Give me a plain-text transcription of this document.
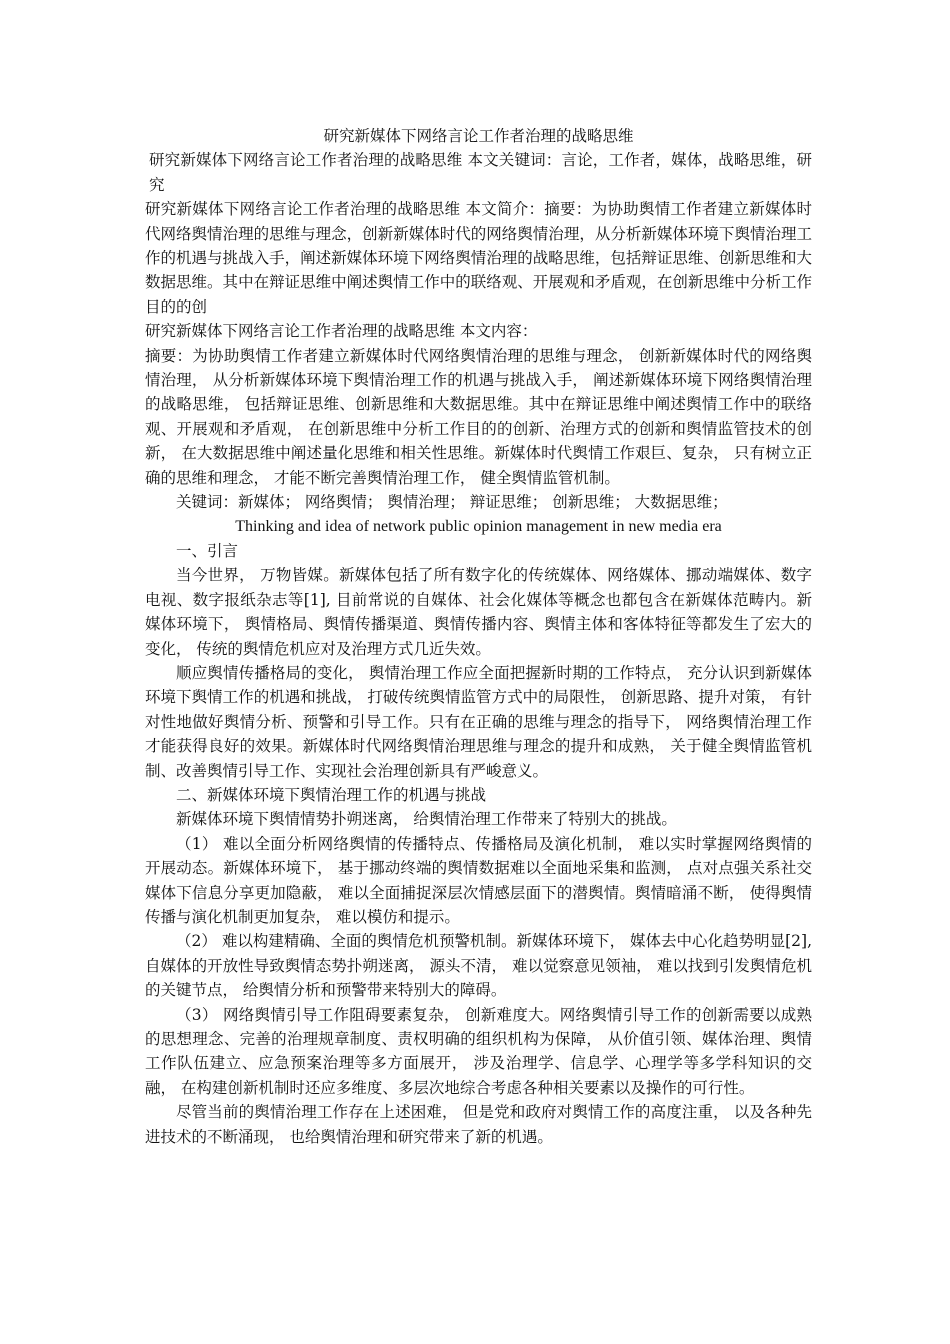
研究新媒体下网络言论工作者治理的战略思维

研究新媒体下网络言论工作者治理的战略思维 本文关键词：言论，工作者，媒体，战略思维，研究

研究新媒体下网络言论工作者治理的战略思维 本文简介：摘要：为协助舆情工作者建立新媒体时代网络舆情治理的思维与理念，创新新媒体时代的网络舆情治理，从分析新媒体环境下舆情治理工作的机遇与挑战入手，阐述新媒体环境下网络舆情治理的战略思维，包括辩证思维、创新思维和大数据思维。其中在辩证思维中阐述舆情工作中的联络观、开展观和矛盾观，在创新思维中分析工作目的的创

研究新媒体下网络言论工作者治理的战略思维 本文内容：

摘要：为协助舆情工作者建立新媒体时代网络舆情治理的思维与理念， 创新新媒体时代的网络舆情治理， 从分析新媒体环境下舆情治理工作的机遇与挑战入手， 阐述新媒体环境下网络舆情治理的战略思维， 包括辩证思维、创新思维和大数据思维。其中在辩证思维中阐述舆情工作中的联络观、开展观和矛盾观， 在创新思维中分析工作目的的创新、治理方式的创新和舆情监管技术的创新， 在大数据思维中阐述量化思维和相关性思维。新媒体时代舆情工作艰巨、复杂， 只有树立正确的思维和理念， 才能不断完善舆情治理工作， 健全舆情监管机制。

关键词：新媒体； 网络舆情； 舆情治理； 辩证思维； 创新思维； 大数据思维；

Thinking and idea of network public opinion management in new media era

一、引言

当今世界， 万物皆媒。新媒体包括了所有数字化的传统媒体、网络媒体、挪动端媒体、数字电视、数字报纸杂志等[1], 目前常说的自媒体、社会化媒体等概念也都包含在新媒体范畴内。新媒体环境下， 舆情格局、舆情传播渠道、舆情传播内容、舆情主体和客体特征等都发生了宏大的变化， 传统的舆情危机应对及治理方式几近失效。

顺应舆情传播格局的变化， 舆情治理工作应全面把握新时期的工作特点， 充分认识到新媒体环境下舆情工作的机遇和挑战， 打破传统舆情监管方式中的局限性， 创新思路、提升对策， 有针对性地做好舆情分析、预警和引导工作。只有在正确的思维与理念的指导下， 网络舆情治理工作才能获得良好的效果。新媒体时代网络舆情治理思维与理念的提升和成熟， 关于健全舆情监管机制、改善舆情引导工作、实现社会治理创新具有严峻意义。

二、新媒体环境下舆情治理工作的机遇与挑战

新媒体环境下舆情情势扑朔迷离， 给舆情治理工作带来了特别大的挑战。

（1） 难以全面分析网络舆情的传播特点、传播格局及演化机制， 难以实时掌握网络舆情的开展动态。新媒体环境下， 基于挪动终端的舆情数据难以全面地采集和监测， 点对点强关系社交媒体下信息分享更加隐蔽， 难以全面捕捉深层次情感层面下的潜舆情。舆情暗涌不断， 使得舆情传播与演化机制更加复杂， 难以模仿和提示。

（2） 难以构建精确、全面的舆情危机预警机制。新媒体环境下， 媒体去中心化趋势明显[2], 自媒体的开放性导致舆情态势扑朔迷离， 源头不清， 难以觉察意见领袖， 难以找到引发舆情危机的关键节点， 给舆情分析和预警带来特别大的障碍。

（3） 网络舆情引导工作阻碍要素复杂， 创新难度大。网络舆情引导工作的创新需要以成熟的思想理念、完善的治理规章制度、责权明确的组织机构为保障， 从价值引领、媒体治理、舆情工作队伍建立、应急预案治理等多方面展开， 涉及治理学、信息学、心理学等多学科知识的交融， 在构建创新机制时还应多维度、多层次地综合考虑各种相关要素以及操作的可行性。

尽管当前的舆情治理工作存在上述困难， 但是党和政府对舆情工作的高度注重， 以及各种先进技术的不断涌现， 也给舆情治理和研究带来了新的机遇。
